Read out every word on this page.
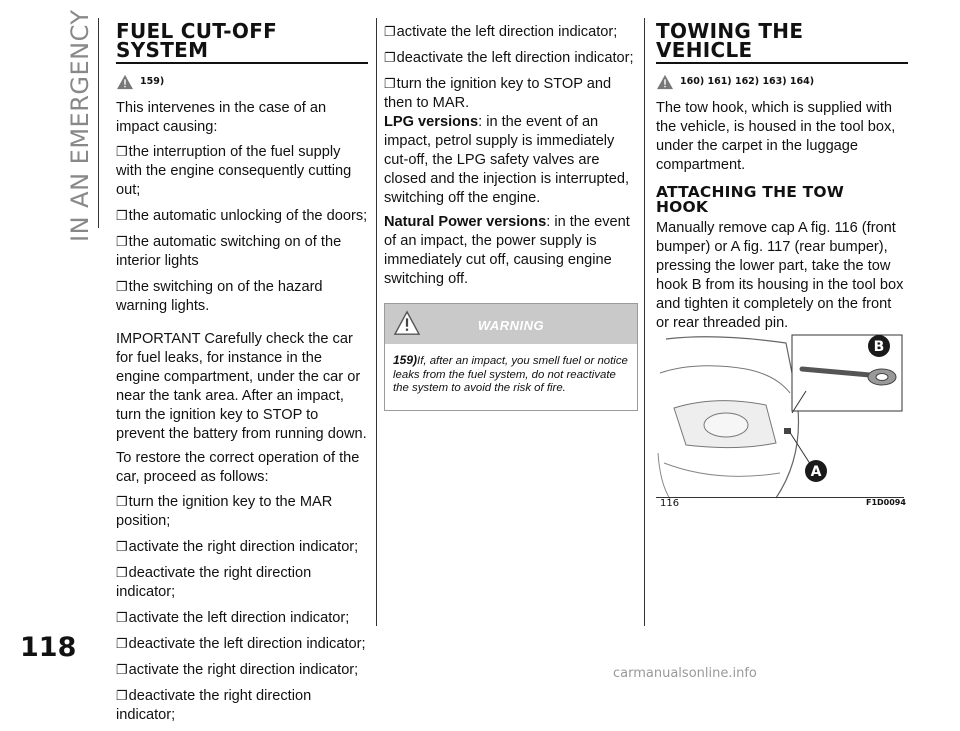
IN AN EMERGENCY
118
FUEL CUT-OFF
SYSTEM
159)

This intervenes in the case of an impact causing:

❐the interruption of the fuel supply with the engine consequently cutting out;

❐the automatic unlocking of the doors;

❐the automatic switching on of the interior lights

❐the switching on of the hazard warning lights.

IMPORTANT Carefully check the car for fuel leaks, for instance in the engine compartment, under the car or near the tank area. After an impact, turn the ignition key to STOP to prevent the battery from running down.

To restore the correct operation of the car, proceed as follows:

❐turn the ignition key to the MAR position;

❐activate the right direction indicator;

❐deactivate the right direction indicator;

❐activate the left direction indicator;

❐deactivate the left direction indicator;

❐activate the right direction indicator;

❐deactivate the right direction indicator;

❐activate the left direction indicator;

❐deactivate the left direction indicator;

❐turn the ignition key to STOP and then to MAR.

LPG versions: in the event of an impact, petrol supply is immediately cut-off, the LPG safety valves are closed and the injection is interrupted, switching off the engine.

Natural Power versions: in the event of an impact, the power supply is immediately cut off, causing engine switching off.

WARNING
159)If, after an impact, you smell fuel or notice leaks from the fuel system, do not reactivate the system to avoid the risk of fire.
TOWING THE
VEHICLE
160) 161) 162) 163) 164)

The tow hook, which is supplied with the vehicle, is housed in the tool box, under the carpet in the luggage compartment.

ATTACHING THE TOW
HOOK

Manually remove cap A fig. 116 (front bumper) or A fig. 117 (rear bumper), pressing the lower part, take the tow hook B from its housing in the tool box and tighten it completely on the front or rear threaded pin.

B
A
116	F1D0094
carmanualsonline.info
